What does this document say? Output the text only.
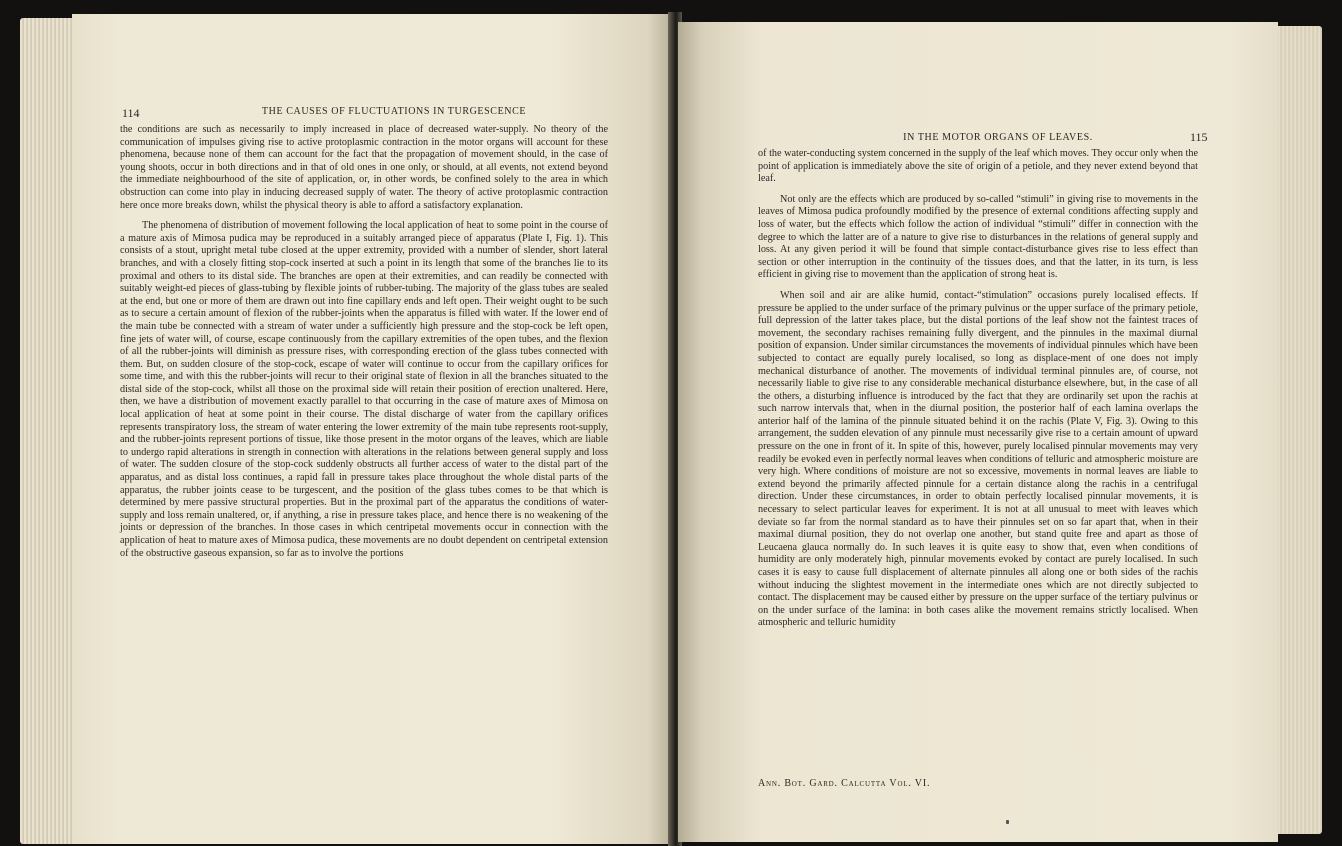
114	THE CAUSES OF FLUCTUATIONS IN TURGESCENCE

the conditions are such as necessarily to imply increased in place of decreased water-supply. No theory of the communication of impulses giving rise to active protoplasmic contraction in the motor organs will account for these phenomena, because none of them can account for the fact that the propagation of movement should, in the case of young shoots, occur in both directions and in that of old ones in one only, or should, at all events, not extend beyond the immediate neighbourhood of the site of application, or, in other words, be confined solely to the area in which obstruction can come into play in inducing decreased supply of water. The theory of active protoplasmic contraction here once more breaks down, whilst the physical theory is able to afford a satisfactory explanation.

The phenomena of distribution of movement following the local application of heat to some point in the course of a mature axis of Mimosa pudica may be reproduced in a suitably arranged piece of apparatus (Plate I, Fig. 1). This consists of a stout, upright metal tube closed at the upper extremity, provided with a number of slender, short lateral branches, and with a closely fitting stop-cock inserted at such a point in its length that some of the branches lie to its proximal and others to its distal side. The branches are open at their extremities, and can readily be connected with suitably weight-ed pieces of glass-tubing by flexible joints of rubber-tubing. The majority of the glass tubes are sealed at the end, but one or more of them are drawn out into fine capillary ends and left open. Their weight ought to be such as to secure a certain amount of flexion of the rubber-joints when the apparatus is filled with water. If the lower end of the main tube be connected with a stream of water under a sufficiently high pressure and the stop-cock be left open, fine jets of water will, of course, escape continuously from the capillary extremities of the open tubes, and the flexion of all the rubber-joints will diminish as pressure rises, with corresponding erection of the glass tubes connected with them. But, on sudden closure of the stop-cock, escape of water will continue to occur from the capillary orifices for some time, and with this the rubber-joints will recur to their original state of flexion in all the branches situated to the distal side of the stop-cock, whilst all those on the proximal side will retain their position of erection unaltered. Here, then, we have a distribution of movement exactly parallel to that occurring in the case of mature axes of Mimosa on local application of heat at some point in their course. The distal discharge of water from the capillary orifices represents transpiratory loss, the stream of water entering the lower extremity of the main tube represents root-supply, and the rubber-joints represent portions of tissue, like those present in the motor organs of the leaves, which are liable to undergo rapid alterations in strength in connection with alterations in the relations between general supply and loss of water. The sudden closure of the stop-cock suddenly obstructs all further access of water to the distal part of the apparatus, and as distal loss continues, a rapid fall in pressure takes place throughout the whole distal parts of the apparatus, the rubber joints cease to be turgescent, and the position of the glass tubes comes to be that which is determined by mere passive structural properties. But in the proximal part of the apparatus the conditions of water-supply and loss remain unaltered, or, if anything, a rise in pressure takes place, and hence there is no weakening of the joints or depression of the branches. In those cases in which centripetal movements occur in connection with the application of heat to mature axes of Mimosa pudica, these movements are no doubt dependent on centripetal extension of the obstructive gaseous expansion, so far as to involve the portions

IN THE MOTOR ORGANS OF LEAVES.	115

of the water-conducting system concerned in the supply of the leaf which moves. They occur only when the point of application is immediately above the site of origin of a petiole, and they never extend beyond that leaf.

Not only are the effects which are produced by so-called “stimuli” in giving rise to movements in the leaves of Mimosa pudica profoundly modified by the presence of external conditions affecting supply and loss of water, but the effects which follow the action of individual “stimuli” differ in connection with the degree to which the latter are of a nature to give rise to disturbances in the relations of general supply and loss. At any given period it will be found that simple contact-disturbance gives rise to less effect than section or other interruption in the continuity of the tissues does, and that the latter, in its turn, is less efficient in giving rise to movement than the application of strong heat is.

When soil and air are alike humid, contact-“stimulation” occasions purely localised effects. If pressure be applied to the under surface of the primary pulvinus or the upper surface of the primary petiole, full depression of the latter takes place, but the distal portions of the leaf show not the faintest traces of movement, the secondary rachises remaining fully divergent, and the pinnules in the maximal diurnal position of expansion. Under similar circumstances the movements of individual pinnules which have been subjected to contact are equally purely localised, so long as displace-ment of one does not imply mechanical disturbance of another. The movements of individual terminal pinnules are, of course, not necessarily liable to give rise to any considerable mechanical disturbance elsewhere, but, in the case of all the others, a disturbing influence is introduced by the fact that they are ordinarily set upon the rachis at such narrow intervals that, when in the diurnal position, the posterior half of each lamina overlaps the anterior half of the lamina of the pinnule situated behind it on the rachis (Plate V, Fig. 3). Owing to this arrangement, the sudden elevation of any pinnule must necessarily give rise to a certain amount of upward pressure on the one in front of it. In spite of this, however, purely localised pinnular movements may very readily be evoked even in perfectly normal leaves when conditions of telluric and atmospheric moisture are very high. Where conditions of moisture are not so excessive, movements in normal leaves are liable to extend beyond the primarily affected pinnule for a certain distance along the rachis in a centrifugal direction. Under these circumstances, in order to obtain perfectly localised pinnular movements, it is necessary to select particular leaves for experiment. It is not at all unusual to meet with leaves which deviate so far from the normal standard as to have their pinnules set on so far apart that, when in their maximal diurnal position, they do not overlap one another, but stand quite free and apart as those of Leucaena glauca normally do. In such leaves it is quite easy to show that, even when conditions of humidity are only moderately high, pinnular movements evoked by contact are purely localised. In such cases it is easy to cause full displacement of alternate pinnules all along one or both sides of the rachis without inducing the slightest movement in the intermediate ones which are not directly subjected to contact. The displacement may be caused either by pressure on the upper surface of the tertiary pulvinus or on the under surface of the lamina: in both cases alike the movement remains strictly localised. When atmospheric and telluric humidity

Ann. Bot. Gard. Calcutta Vol. VI.
